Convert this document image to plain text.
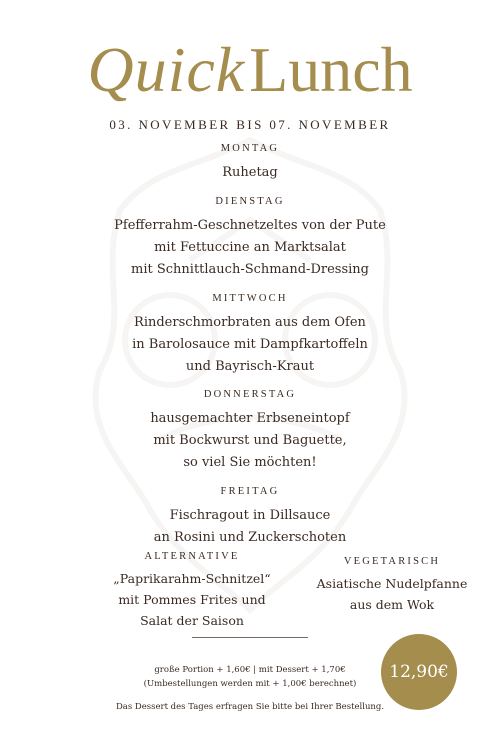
QuickLunch
03. NOVEMBER BIS 07. NOVEMBER
MONTAG
Ruhetag
DIENSTAG
Pfefferrahm-Geschnetzeltes von der Pute
mit Fettuccine an Marktsalat
mit Schnittlauch-Schmand-Dressing
MITTWOCH
Rinderschmorbraten aus dem Ofen
in Barolosauce mit Dampfkartoffeln
und Bayrisch-Kraut
DONNERSTAG
hausgemachter Erbseneintopf
mit Bockwurst und Baguette,
so viel Sie möchten!
FREITAG
Fischragout in Dillsauce
an Rosini und Zuckerschoten
ALTERNATIVE
„Paprikarahm-Schnitzel“
mit Pommes Frites und
Salat der Saison
VEGETARISCH
Asiatische Nudelpfanne
aus dem Wok
große Portion + 1,60€ | mit Dessert + 1,70€
(Umbestellungen werden mit + 1,00€ berechnet)
Das Dessert des Tages erfragen Sie bitte bei Ihrer Bestellung.
12,90€
